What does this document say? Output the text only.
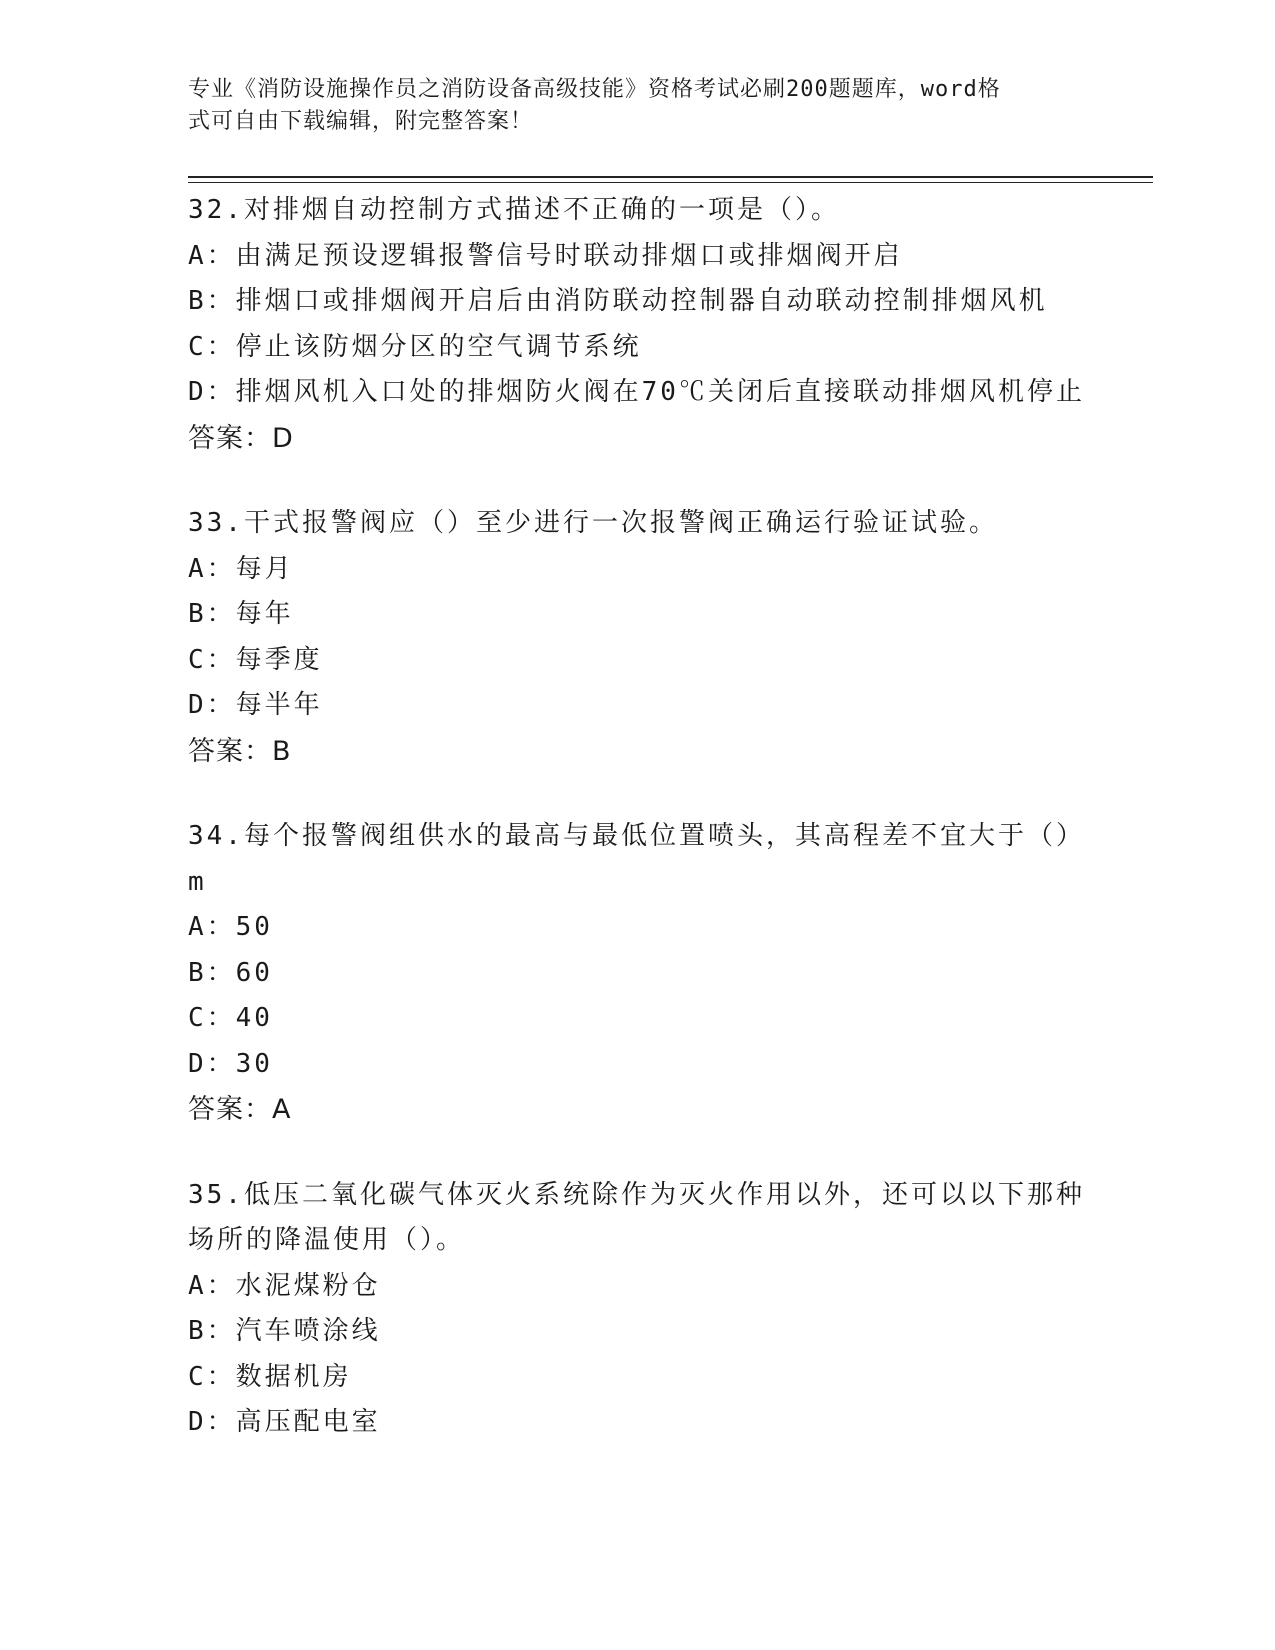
专业《消防设施操作员之消防设备高级技能》资格考试必刷200题题库，word格
式可自由下载编辑，附完整答案！
32.对排烟自动控制方式描述不正确的一项是（）。
A：由满足预设逻辑报警信号时联动排烟口或排烟阀开启
B：排烟口或排烟阀开启后由消防联动控制器自动联动控制排烟风机
C：停止该防烟分区的空气调节系统
D：排烟风机入口处的排烟防火阀在70℃关闭后直接联动排烟风机停止
答案：D
33.干式报警阀应（）至少进行一次报警阀正确运行验证试验。
A：每月
B：每年
C：每季度
D：每半年
答案：B
34.每个报警阀组供水的最高与最低位置喷头，其高程差不宜大于（）
m
A：50
B：60
C：40
D：30
答案：A
35.低压二氧化碳气体灭火系统除作为灭火作用以外，还可以以下那种
场所的降温使用（）。
A：水泥煤粉仓
B：汽车喷涂线
C：数据机房
D：高压配电室
